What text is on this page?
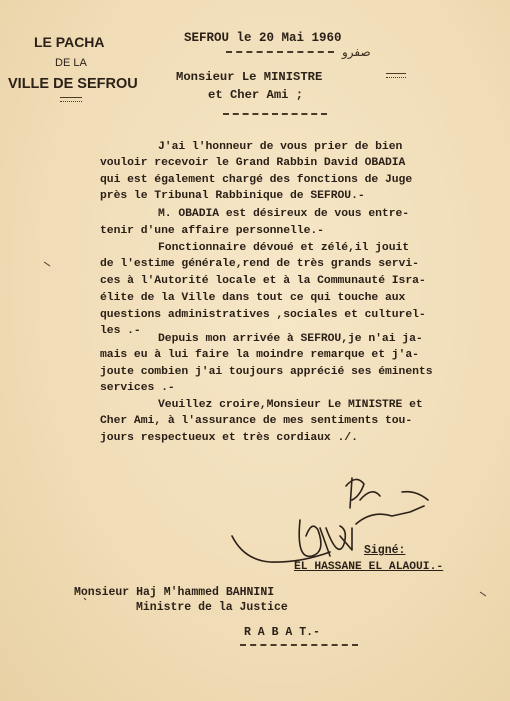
LE PACHA
DE LA
VILLE DE SEFROU
SEFROU le 20 Mai 1960
صفرو
Monsieur Le MINISTRE
et Cher Ami ;
J'ai l'honneur de vous prier de bien
vouloir recevoir le Grand Rabbin David OBADIA
qui est également chargé des fonctions de Juge
près le Tribunal Rabbinique de SEFROU.-
M. OBADIA est désireux de vous entre-
tenir d'une affaire personnelle.-
Fonctionnaire dévoué et zélé,il jouit
de l'estime générale,rend de très grands servi-
ces à l'Autorité locale et à la Communauté Isra-
élite de la Ville dans tout ce qui touche aux
questions administratives ,sociales et culturel-
les .-
Depuis mon arrivée à SEFROU,je n'ai ja-
mais eu à lui faire la moindre remarque et j'a-
joute combien j'ai toujours apprécié ses éminents
services .-
Veuillez croire,Monsieur Le MINISTRE et
Cher Ami, à l'assurance de mes sentiments tou-
jours respectueux et très cordiaux ./.
Signé:
EL HASSANE EL ALAOUI.-
Monsieur Haj M'hammed BAHNINI
Ministre de la Justice
R A B A T.-
